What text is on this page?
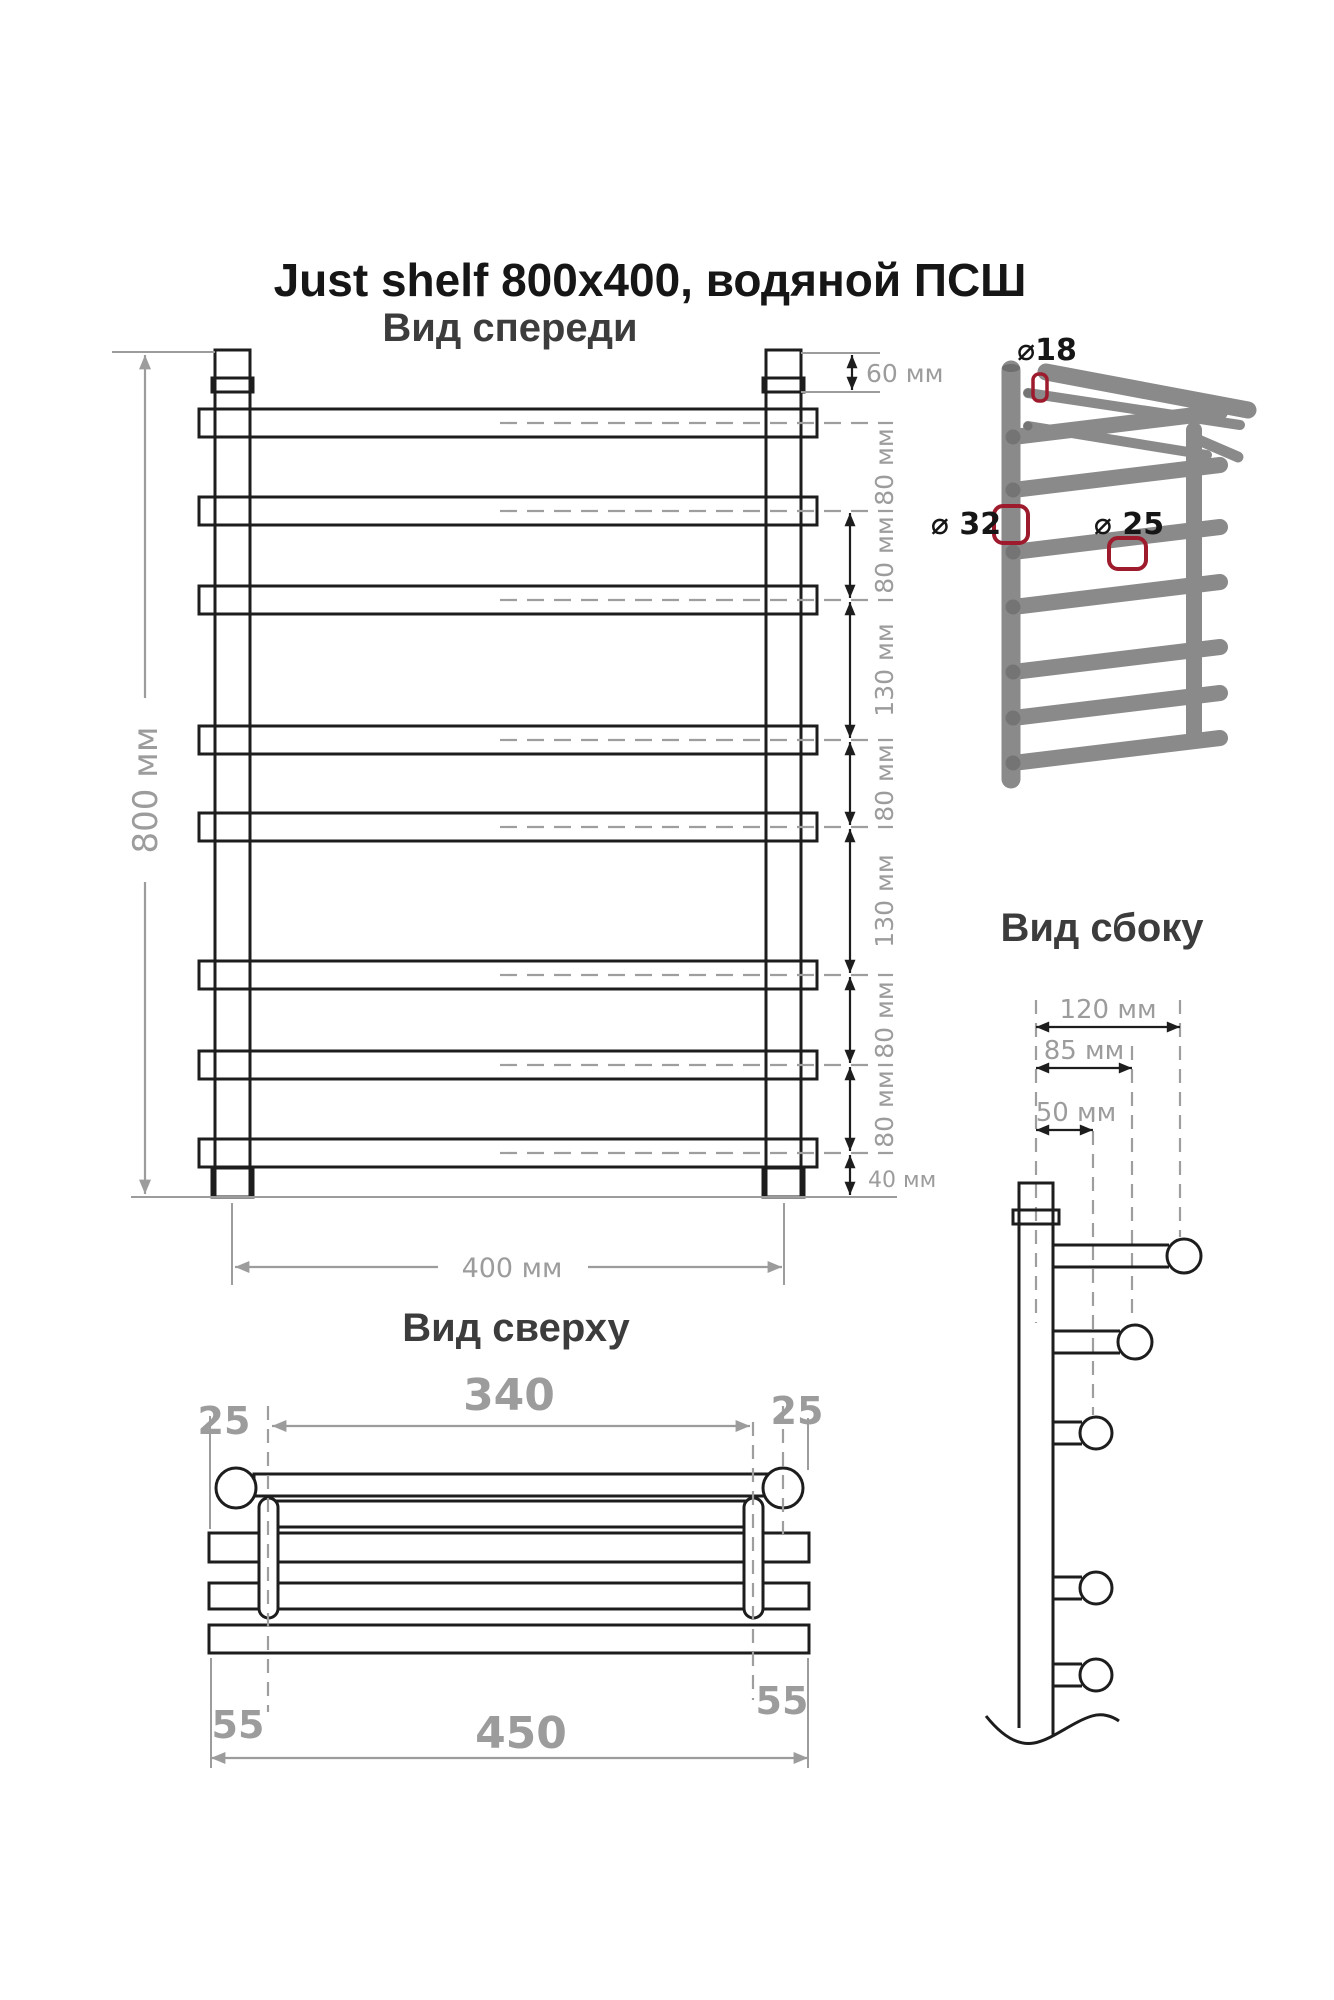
Just shelf 800x400, водяной ПСШ
Вид спереди
Вид сбоку
Вид сверху
60 мм
80 мм
80 мм
130 мм
80 мм
130 мм
80 мм
80 мм
40 мм
800 мм
400 мм
⌀18
⌀ 32	⌀ 25
120 мм
85 мм
50 мм
340
25	25
55
55
450
